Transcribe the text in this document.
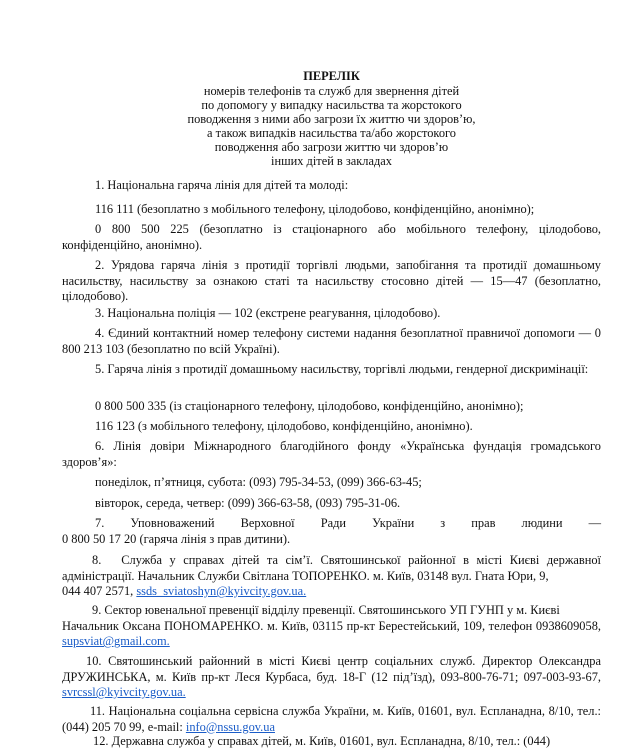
ПЕРЕЛІК
номерів телефонів та служб для звернення дітей
по допомогу у випадку насильства та жорстокого
поводження з ними або загрози їх життю чи здоров’ю,
а також випадків насильства та/або жорстокого
поводження або загрози життю чи здоров’ю
інших дітей в закладах

1. Національна гаряча лінія для дітей та молоді:

116 111 (безоплатно з мобільного телефону, цілодобово, конфіденційно, анонімно);

0 800 500 225 (безоплатно із стаціонарного або мобільного телефону, цілодобово, конфіденційно, анонімно).

2. Урядова гаряча лінія з протидії торгівлі людьми, запобігання та протидії домашньому насильству, насильству за ознакою статі та насильству стосовно дітей — 15—47 (безоплатно, цілодобово).

3. Національна поліція — 102 (екстрене реагування, цілодобово).

4. Єдиний контактний номер телефону системи надання безоплатної правничої допомоги — 0 800 213 103 (безоплатно по всій Україні).

5. Гаряча лінія з протидії домашньому насильству, торгівлі людьми, гендерної дискримінації:

0 800 500 335 (із стаціонарного телефону, цілодобово, конфіденційно, анонімно);

116 123 (з мобільного телефону, цілодобово, конфіденційно, анонімно).

6. Лінія довіри Міжнародного благодійного фонду «Українська фундація громадського здоров’я»:

понеділок, п’ятниця, субота: (093) 795-34-53, (099) 366-63-45;

вівторок, середа, четвер: (099) 366-63-58, (093) 795-31-06.

7. Уповноважений Верховної Ради України з прав людини —
0 800 50 17 20 (гаряча лінія з прав дитини).

8. Служба у справах дітей та сім’ї. Святошинської районної в місті Києві державної адміністрації. Начальник Служби Світлана ТОПОРЕНКО. м. Київ, 03148 вул. Гната Юри, 9,
044 407 2571, ssds_sviatoshyn@kyivcity.gov.ua.

9. Сектор ювенальної превенції відділу превенції. Святошинського УП ГУНП у м. Києві
Начальник Оксана ПОНОМАРЕНКО. м. Київ, 03115 пр-кт Берестейський, 109, телефон 0938609058, supsviat@gmail.com.

10. Святошинський районний в місті Києві центр соціальних служб. Директор Олександра ДРУЖИНСЬКА, м. Київ пр-кт Леся Курбаса, буд. 18-Г (12 під’їзд), 093-800-76-71; 097-003-93-67, svrcssl@kyivcity.gov.ua.

11. Національна соціальна сервісна служба України, м. Київ, 01601, вул. Еспланадна, 8/10, тел.: (044) 205 70 99, e-mail: info@nssu.gov.ua

12. Державна служба у справах дітей, м. Київ, 01601, вул. Еспланадна, 8/10, тел.: (044)
